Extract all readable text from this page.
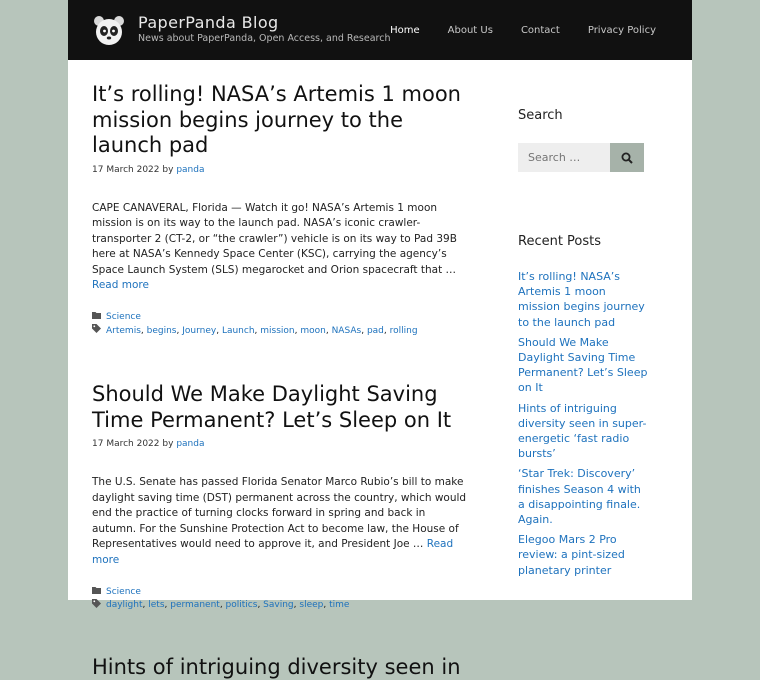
PaperPanda Blog
News about PaperPanda, Open Access, and Research
Home	About Us	Contact	Privacy Policy
It’s rolling! NASA’s Artemis 1 moon mission begins journey to the launch pad
17 March 2022 by panda

CAPE CANAVERAL, Florida — Watch it go! NASA’s Artemis 1 moon mission is on its way to the launch pad. NASA’s iconic crawler-transporter 2 (CT-2, or “the crawler”) vehicle is on its way to Pad 39B here at NASA’s Kennedy Space Center (KSC), carrying the agency’s Space Launch System (SLS) megarocket and Orion spacecraft that … Read more

Science
Artemis, begins, Journey, Launch, mission, moon, NASAs, pad, rolling
Should We Make Daylight Saving Time Permanent? Let’s Sleep on It
17 March 2022 by panda

The U.S. Senate has passed Florida Senator Marco Rubio’s bill to make daylight saving time (DST) permanent across the country, which would end the practice of turning clocks forward in spring and back in autumn. For the Sunshine Protection Act to become law, the House of Representatives would need to approve it, and President Joe … Read more

Science
daylight, lets, permanent, politics, Saving, sleep, time
Hints of intriguing diversity seen in
Search
Search …
Recent Posts
It’s rolling! NASA’s Artemis 1 moon mission begins journey to the launch pad
Should We Make Daylight Saving Time Permanent? Let’s Sleep on It
Hints of intriguing diversity seen in super-energetic ‘fast radio bursts’
‘Star Trek: Discovery’ finishes Season 4 with a disappointing finale. Again.
Elegoo Mars 2 Pro review: a pint-sized planetary printer
